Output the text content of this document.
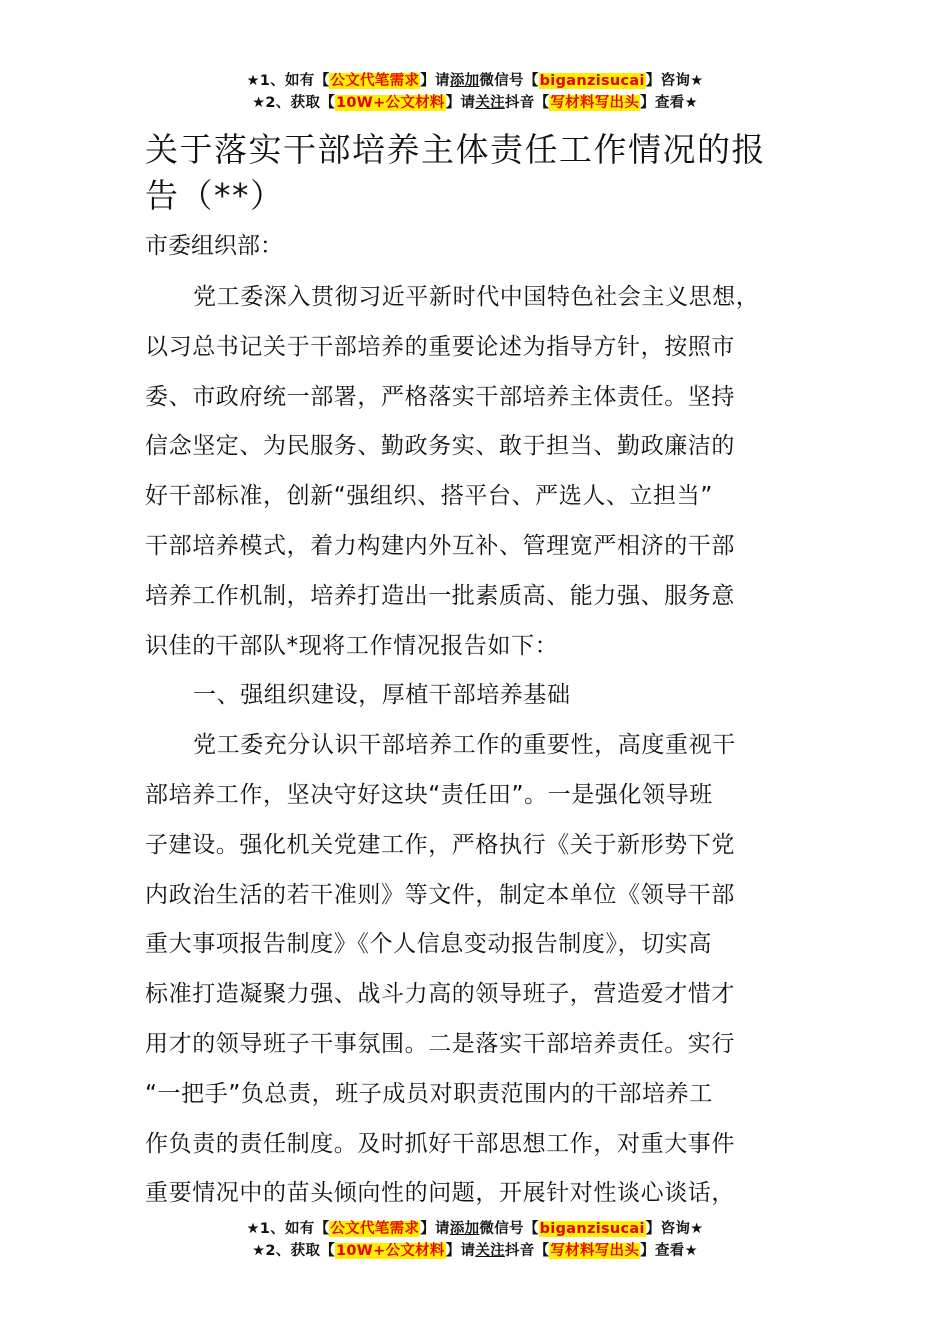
★1、如有【公文代笔需求】请添加微信号【biganzisucai】咨询★
★2、获取【10W+公文材料】请关注抖音【写材料写出头】查看★
关于落实干部培养主体责任工作情况的报
告（**）
市委组织部：
党工委深入贯彻习近平新时代中国特色社会主义思想，
以习总书记关于干部培养的重要论述为指导方针，按照市
委、市政府统一部署，严格落实干部培养主体责任。坚持
信念坚定、为民服务、勤政务实、敢于担当、勤政廉洁的
好干部标准，创新“强组织、搭平台、严选人、立担当”
干部培养模式，着力构建内外互补、管理宽严相济的干部
培养工作机制，培养打造出一批素质高、能力强、服务意
识佳的干部队*现将工作情况报告如下：
一、强组织建设，厚植干部培养基础
党工委充分认识干部培养工作的重要性，高度重视干
部培养工作，坚决守好这块“责任田”。一是强化领导班
子建设。强化机关党建工作，严格执行《关于新形势下党
内政治生活的若干准则》等文件，制定本单位《领导干部
重大事项报告制度》《个人信息变动报告制度》，切实高
标准打造凝聚力强、战斗力高的领导班子，营造爱才惜才
用才的领导班子干事氛围。二是落实干部培养责任。实行
“一把手”负总责，班子成员对职责范围内的干部培养工
作负责的责任制度。及时抓好干部思想工作，对重大事件
重要情况中的苗头倾向性的问题，开展针对性谈心谈话，
★1、如有【公文代笔需求】请添加微信号【biganzisucai】咨询★
★2、获取【10W+公文材料】请关注抖音【写材料写出头】查看★
